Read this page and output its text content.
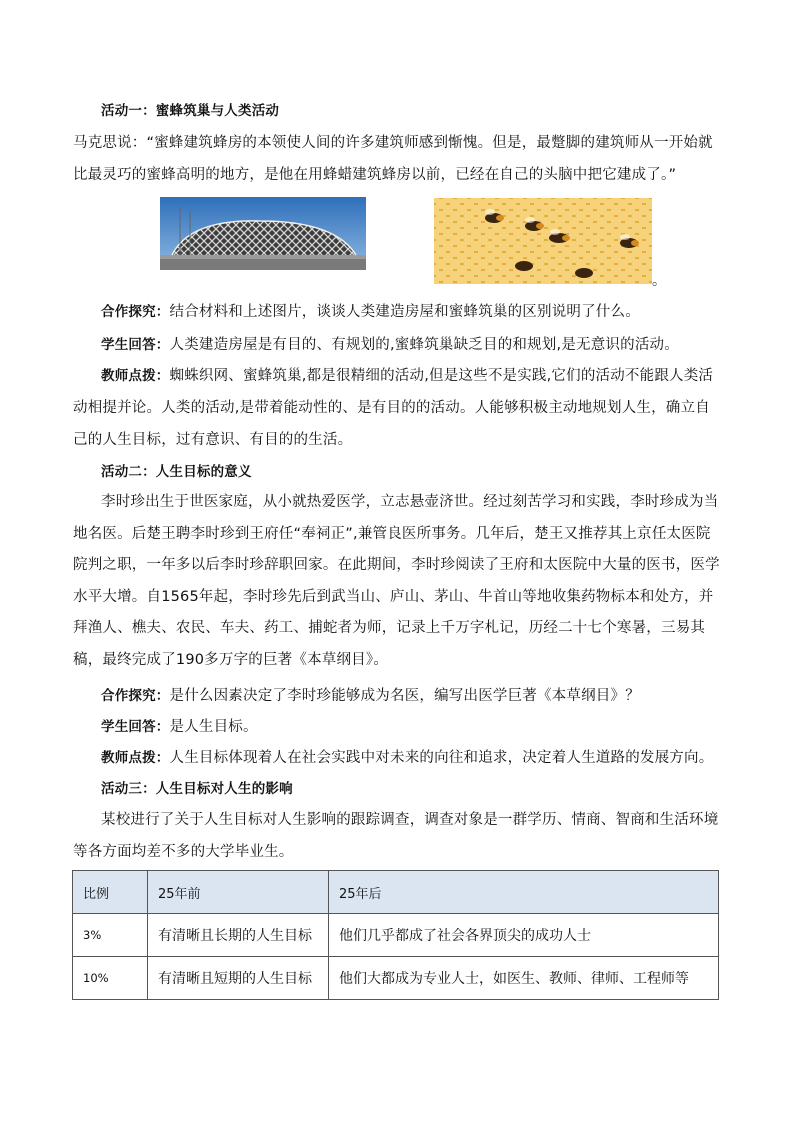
活动一：蜜蜂筑巢与人类活动
马克思说：“蜜蜂建筑蜂房的本领使人间的许多建筑师感到惭愧。但是，最蹩脚的建筑师从一开始就比最灵巧的蜜蜂高明的地方，是他在用蜂蜡建筑蜂房以前，已经在自己的头脑中把它建成了。”
。
合作探究：结合材料和上述图片，谈谈人类建造房屋和蜜蜂筑巢的区别说明了什么。
学生回答：人类建造房屋是有目的、有规划的,蜜蜂筑巢缺乏目的和规划,是无意识的活动。
教师点拨：蜘蛛织网、蜜蜂筑巢,都是很精细的活动,但是这些不是实践,它们的活动不能跟人类活动相提并论。人类的活动,是带着能动性的、是有目的的活动。人能够积极主动地规划人生，确立自己的人生目标，过有意识、有目的的生活。
活动二：人生目标的意义
李时珍出生于世医家庭，从小就热爱医学，立志悬壶济世。经过刻苦学习和实践，李时珍成为当地名医。后楚王聘李时珍到王府任“奉祠正”,兼管良医所事务。几年后，楚王又推荐其上京任太医院院判之职，一年多以后李时珍辞职回家。在此期间，李时珍阅读了王府和太医院中大量的医书，医学水平大增。自1565年起，李时珍先后到武当山、庐山、茅山、牛首山等地收集药物标本和处方，并拜渔人、樵夫、农民、车夫、药工、捕蛇者为师，记录上千万字札记，历经二十七个寒暑，三易其稿，最终完成了190多万字的巨著《本草纲目》。
合作探究：是什么因素决定了李时珍能够成为名医，编写出医学巨著《本草纲目》？
学生回答：是人生目标。
教师点拨：人生目标体现着人在社会实践中对未来的向往和追求，决定着人生道路的发展方向。
活动三：人生目标对人生的影响
某校进行了关于人生目标对人生影响的跟踪调查，调查对象是一群学历、情商、智商和生活环境等各方面均差不多的大学毕业生。
比例	25年前	25年后
3%	有清晰且长期的人生目标	他们几乎都成了社会各界顶尖的成功人士
10%	有清晰且短期的人生目标	他们大都成为专业人士，如医生、教师、律师、工程师等
